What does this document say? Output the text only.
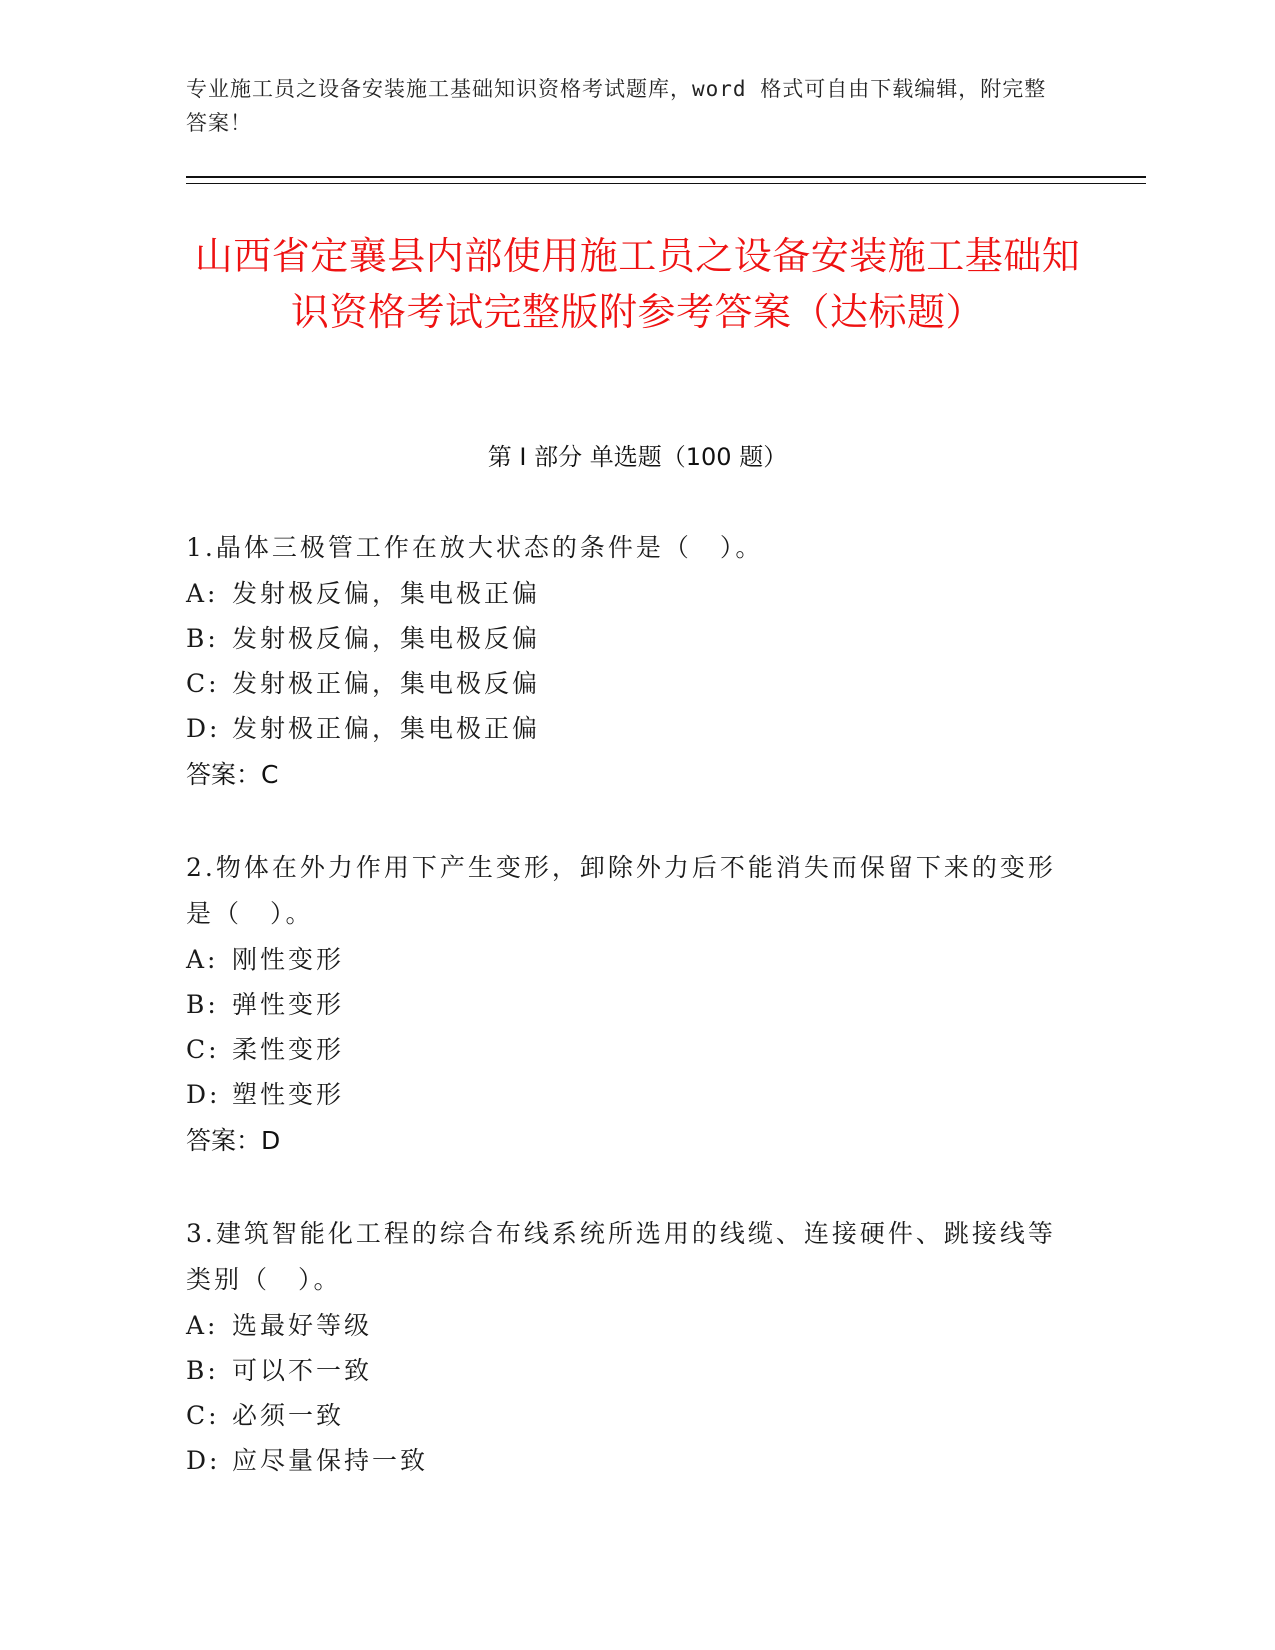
专业施工员之设备安装施工基础知识资格考试题库，word 格式可自由下载编辑，附完整答案！
山西省定襄县内部使用施工员之设备安装施工基础知识资格考试完整版附参考答案（达标题）
第 I 部分 单选题（100 题）

1.晶体三极管工作在放大状态的条件是（　）。

A: 发射极反偏，集电极正偏

B: 发射极反偏，集电极反偏

C: 发射极正偏，集电极反偏

D: 发射极正偏，集电极正偏

答案：C

2.物体在外力作用下产生变形，卸除外力后不能消失而保留下来的变形是（　）。

A: 刚性变形

B: 弹性变形

C: 柔性变形

D: 塑性变形

答案：D

3.建筑智能化工程的综合布线系统所选用的线缆、连接硬件、跳接线等类别（　）。

A: 选最好等级

B: 可以不一致

C: 必须一致

D: 应尽量保持一致
